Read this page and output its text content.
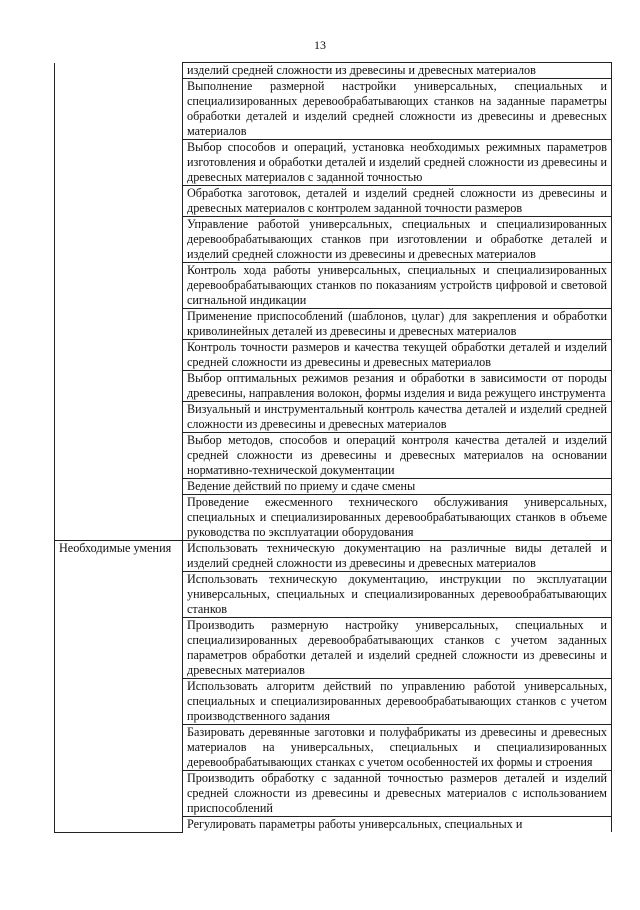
13
	изделий средней сложности из древесины и древесных материалов
	Выполнение размерной настройки универсальных, специальных и специализированных деревообрабатывающих станков на заданные параметры обработки деталей и изделий средней сложности из древесины и древесных материалов
	Выбор способов и операций, установка необходимых режимных параметров изготовления и обработки деталей и изделий средней сложности из древесины и древесных материалов с заданной точностью
	Обработка заготовок, деталей и изделий средней сложности из древесины и древесных материалов с контролем заданной точности размеров
	Управление работой универсальных, специальных и специализированных деревообрабатывающих станков при изготовлении и обработке деталей и изделий средней сложности из древесины и древесных материалов
	Контроль хода работы универсальных, специальных и специализированных деревообрабатывающих станков по показаниям устройств цифровой и световой сигнальной индикации
	Применение приспособлений (шаблонов, цулаг) для закрепления и обработки криволинейных деталей из древесины и древесных материалов
	Контроль точности размеров и качества текущей обработки деталей и изделий средней сложности из древесины и древесных материалов
	Выбор оптимальных режимов резания и обработки в зависимости от породы древесины, направления волокон, формы изделия и вида режущего инструмента
	Визуальный и инструментальный контроль качества деталей и изделий средней сложности из древесины и древесных материалов
	Выбор методов, способов и операций контроля качества деталей и изделий средней сложности из древесины и древесных материалов на основании нормативно-технической документации
	Ведение действий по приему и сдаче смены
	Проведение ежесменного технического обслуживания универсальных, специальных и специализированных деревообрабатывающих станков в объеме руководства по эксплуатации оборудования
Необходимые умения	Использовать техническую документацию на различные виды деталей и изделий средней сложности из древесины и древесных материалов
	Использовать техническую документацию, инструкции по эксплуатации универсальных, специальных и специализированных деревообрабатывающих станков
	Производить размерную настройку универсальных, специальных и специализированных деревообрабатывающих станков с учетом заданных параметров обработки деталей и изделий средней сложности из древесины и древесных материалов
	Использовать алгоритм действий по управлению работой универсальных, специальных и специализированных деревообрабатывающих станков с учетом производственного задания
	Базировать деревянные заготовки и полуфабрикаты из древесины и древесных материалов на универсальных, специальных и специализированных деревообрабатывающих станках с учетом особенностей их формы и строения
	Производить обработку с заданной точностью размеров деталей и изделий средней сложности из древесины и древесных материалов с использованием приспособлений
	Регулировать параметры работы универсальных, специальных и
